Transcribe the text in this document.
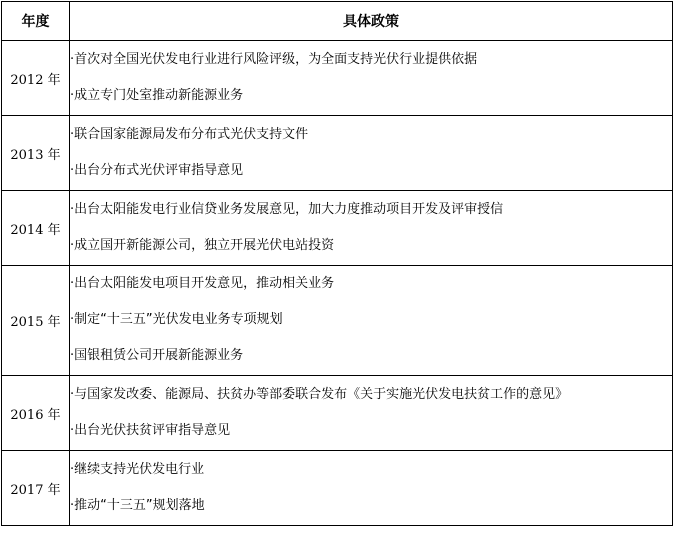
年度	具体政策
2012 年	·首次对全国光伏发电行业进行风险评级，为全面支持光伏行业提供依据
·成立专门处室推动新能源业务

2013 年	·联合国家能源局发布分布式光伏支持文件
·出台分布式光伏评审指导意见

2014 年	·出台太阳能发电行业信贷业务发展意见，加大力度推动项目开发及评审授信
·成立国开新能源公司，独立开展光伏电站投资

2015 年	·出台太阳能发电项目开发意见，推动相关业务
·制定“十三五”光伏发电业务专项规划
·国银租赁公司开展新能源业务

2016 年	·与国家发改委、能源局、扶贫办等部委联合发布《关于实施光伏发电扶贫工作的意见》
·出台光伏扶贫评审指导意见

2017 年	·继续支持光伏发电行业
·推动“十三五”规划落地
